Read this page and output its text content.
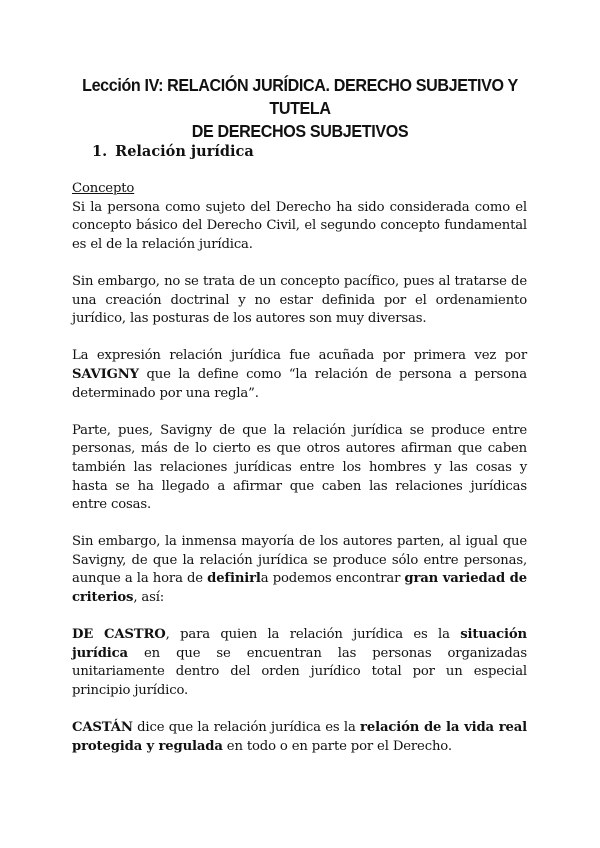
Lección IV: RELACIÓN JURÍDICA. DERECHO SUBJETIVO Y TUTELA
DE DERECHOS SUBJETIVOS
1. Relación jurídica
Concepto

Si la persona como sujeto del Derecho ha sido considerada como el concepto básico del Derecho Civil, el segundo concepto fundamental es el de la relación jurídica.

Sin embargo, no se trata de un concepto pacífico, pues al tratarse de una creación doctrinal y no estar definida por el ordenamiento jurídico, las posturas de los autores son muy diversas.

La expresión relación jurídica fue acuñada por primera vez por SAVIGNY que la define como “la relación de persona a persona determinado por una regla”.

Parte, pues, Savigny de que la relación jurídica se produce entre personas, más de lo cierto es que otros autores afirman que caben también las relaciones jurídicas entre los hombres y las cosas y hasta se ha llegado a afirmar que caben las relaciones jurídicas entre cosas.

Sin embargo, la inmensa mayoría de los autores parten, al igual que Savigny, de que la relación jurídica se produce sólo entre personas, aunque a la hora de definirla podemos encontrar gran variedad de criterios, así:

DE CASTRO, para quien la relación jurídica es la situación jurídica en que se encuentran las personas organizadas unitariamente dentro del orden jurídico total por un especial principio jurídico.

CASTÁN dice que la relación jurídica es la relación de la vida real protegida y regulada en todo o en parte por el Derecho.
